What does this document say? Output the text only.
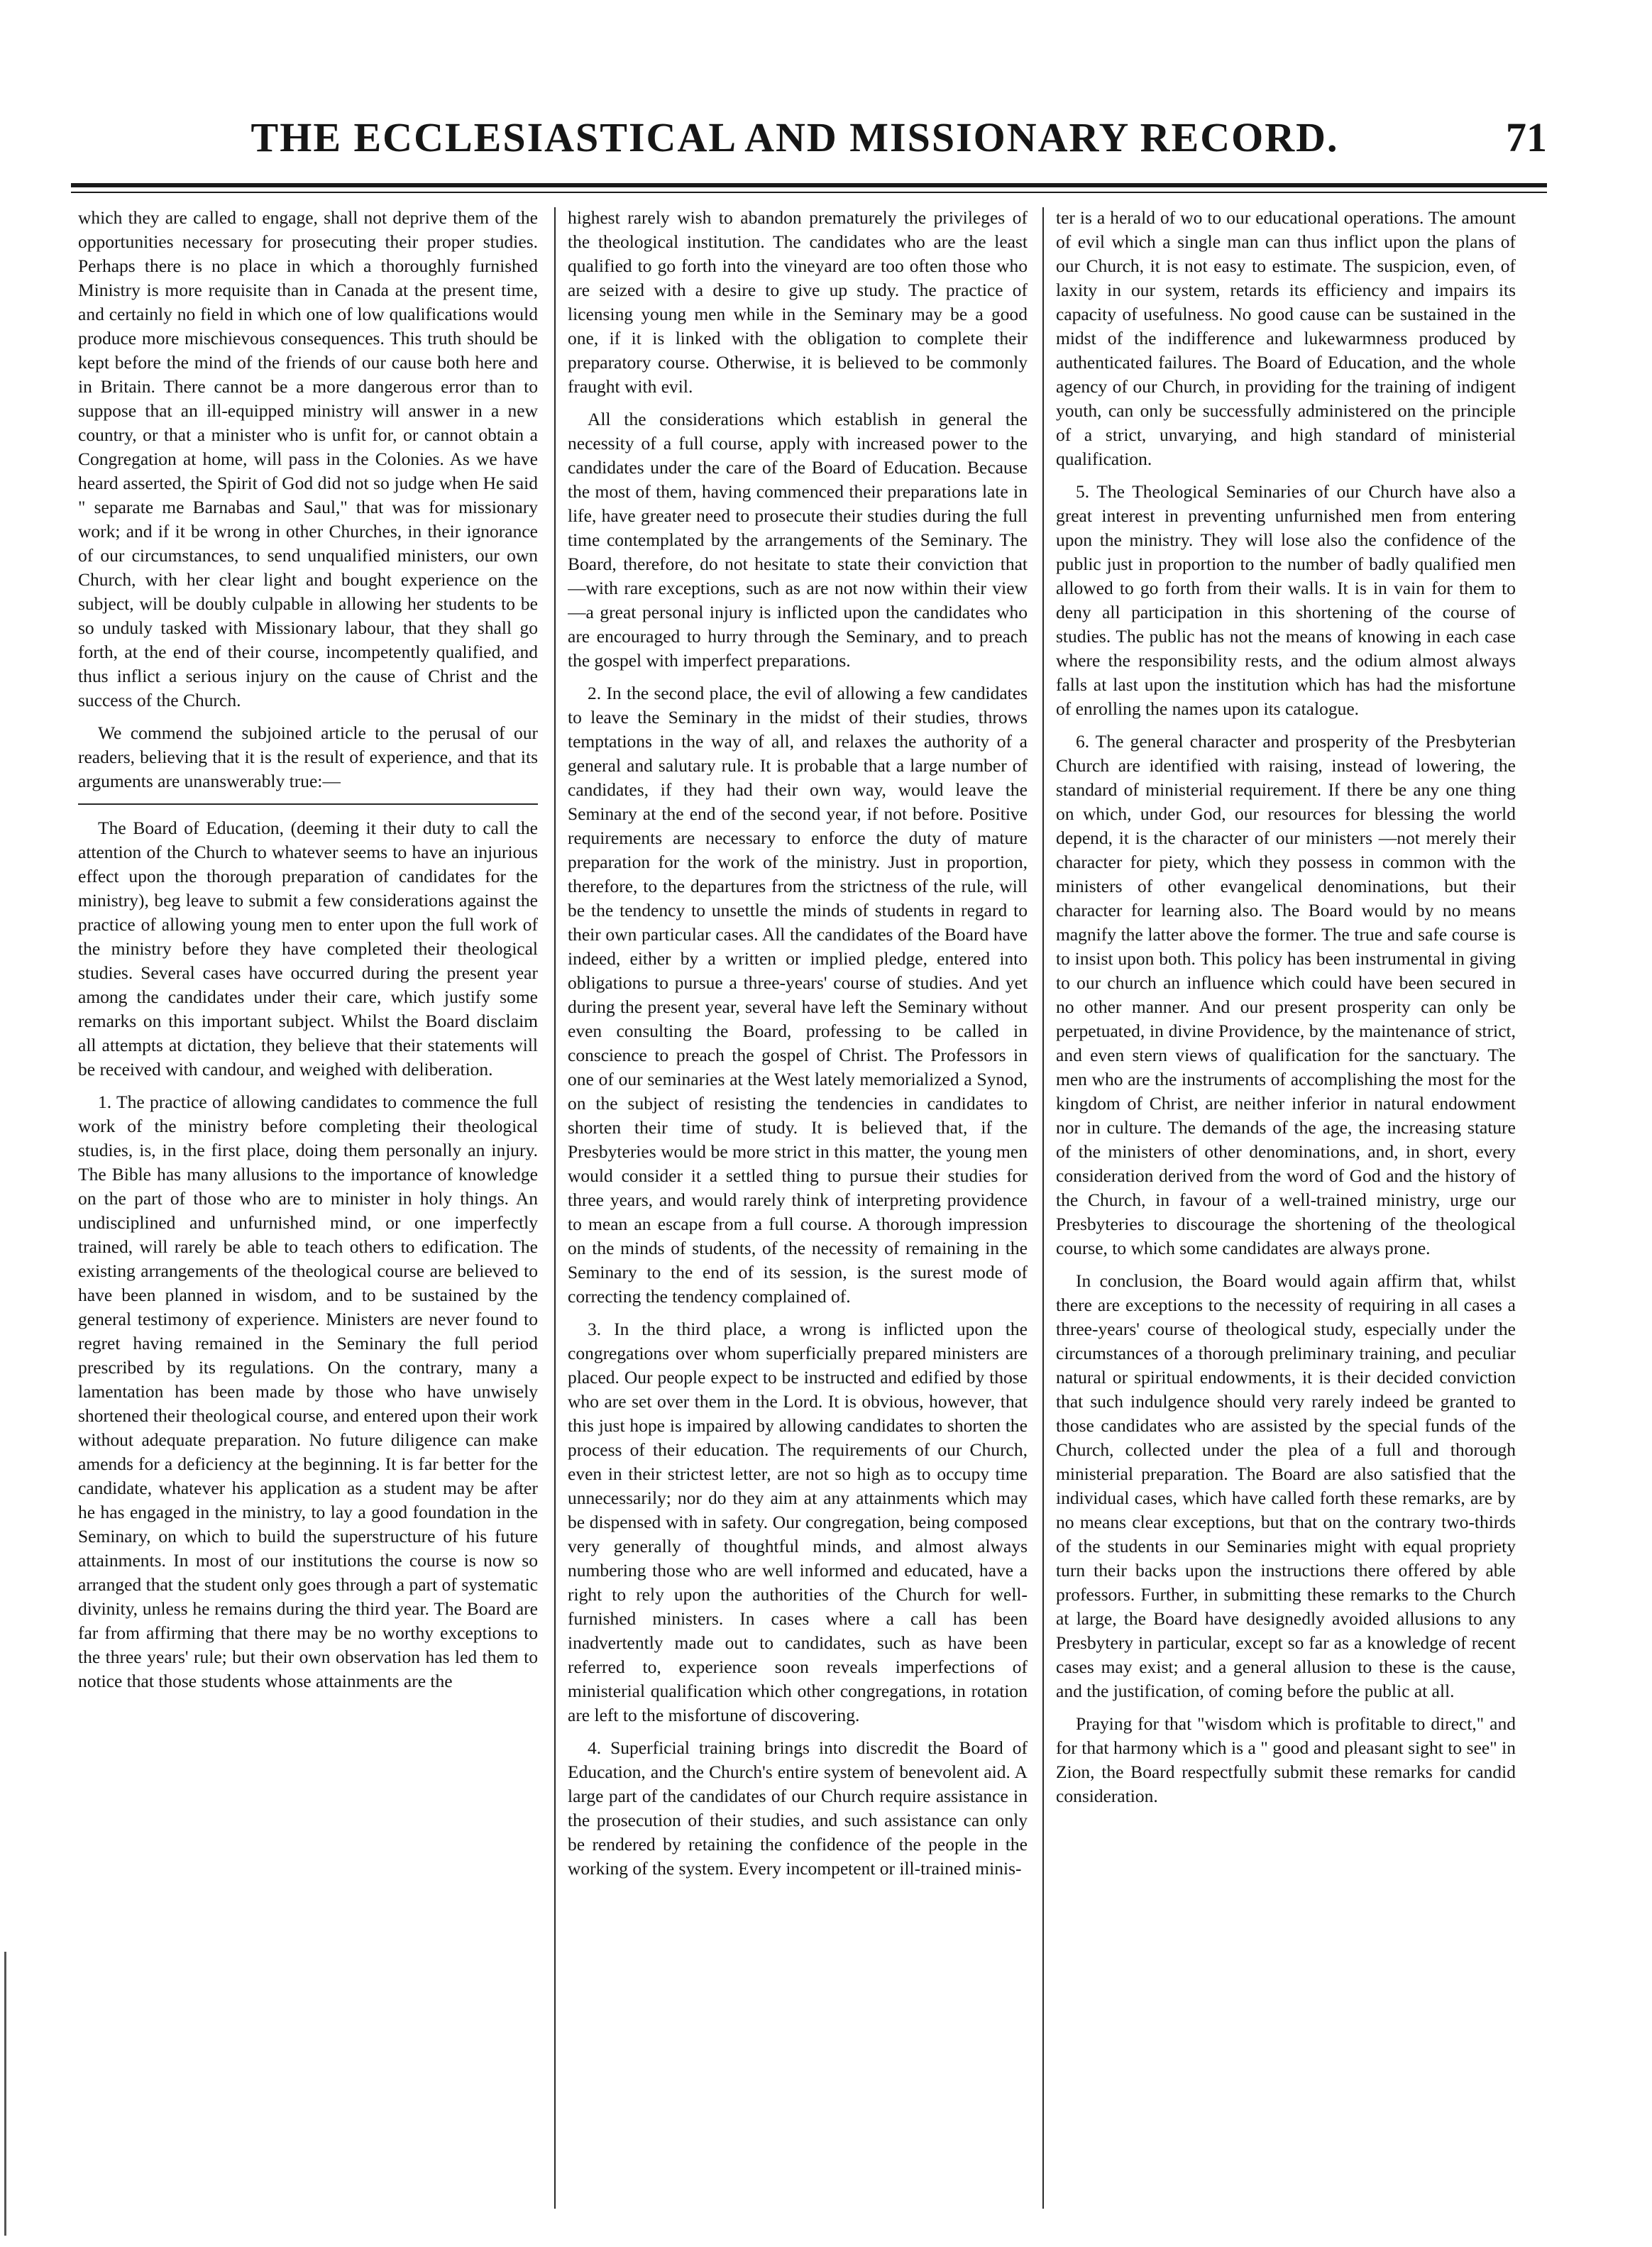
THE ECCLESIASTICAL AND MISSIONARY RECORD.	71

which they are called to engage, shall not deprive them of the opportunities necessary for prosecuting their proper studies. Perhaps there is no place in which a thoroughly furnished Ministry is more requisite than in Canada at the present time, and certainly no field in which one of low qualifications would produce more mischievous consequences. This truth should be kept before the mind of the friends of our cause both here and in Britain. There cannot be a more dangerous error than to suppose that an ill-equipped ministry will answer in a new country, or that a minister who is unfit for, or cannot obtain a Congregation at home, will pass in the Colonies. As we have heard asserted, the Spirit of God did not so judge when He said " separate me Barnabas and Saul," that was for missionary work; and if it be wrong in other Churches, in their ignorance of our circumstances, to send unqualified ministers, our own Church, with her clear light and bought experience on the subject, will be doubly culpable in allowing her students to be so unduly tasked with Missionary labour, that they shall go forth, at the end of their course, incompetently qualified, and thus inflict a serious injury on the cause of Christ and the success of the Church.

We commend the subjoined article to the perusal of our readers, believing that it is the result of experience, and that its arguments are unanswerably true:—

The Board of Education, (deeming it their duty to call the attention of the Church to whatever seems to have an injurious effect upon the thorough preparation of candidates for the ministry), beg leave to submit a few considerations against the practice of allowing young men to enter upon the full work of the ministry before they have completed their theological studies. Several cases have occurred during the present year among the candidates under their care, which justify some remarks on this important subject. Whilst the Board disclaim all attempts at dictation, they believe that their statements will be received with candour, and weighed with deliberation.

1. The practice of allowing candidates to commence the full work of the ministry before completing their theological studies, is, in the first place, doing them personally an injury. The Bible has many allusions to the importance of knowledge on the part of those who are to minister in holy things. An undisciplined and unfurnished mind, or one imperfectly trained, will rarely be able to teach others to edification. The existing arrangements of the theological course are believed to have been planned in wisdom, and to be sustained by the general testimony of experience. Ministers are never found to regret having remained in the Seminary the full period prescribed by its regulations. On the contrary, many a lamentation has been made by those who have unwisely shortened their theological course, and entered upon their work without adequate preparation. No future diligence can make amends for a deficiency at the beginning. It is far better for the candidate, whatever his application as a student may be after he has engaged in the ministry, to lay a good foundation in the Seminary, on which to build the superstructure of his future attainments. In most of our institutions the course is now so arranged that the student only goes through a part of systematic divinity, unless he remains during the third year. The Board are far from affirming that there may be no worthy exceptions to the three years' rule; but their own observation has led them to notice that those students whose attainments are the

highest rarely wish to abandon prematurely the privileges of the theological institution. The candidates who are the least qualified to go forth into the vineyard are too often those who are seized with a desire to give up study. The practice of licensing young men while in the Seminary may be a good one, if it is linked with the obligation to complete their preparatory course. Otherwise, it is believed to be commonly fraught with evil.

All the considerations which establish in general the necessity of a full course, apply with increased power to the candidates under the care of the Board of Education. Because the most of them, having commenced their preparations late in life, have greater need to prosecute their studies during the full time contemplated by the arrangements of the Seminary. The Board, therefore, do not hesitate to state their conviction that —with rare exceptions, such as are not now within their view—a great personal injury is inflicted upon the candidates who are encouraged to hurry through the Seminary, and to preach the gospel with imperfect preparations.

2. In the second place, the evil of allowing a few candidates to leave the Seminary in the midst of their studies, throws temptations in the way of all, and relaxes the authority of a general and salutary rule. It is probable that a large number of candidates, if they had their own way, would leave the Seminary at the end of the second year, if not before. Positive requirements are necessary to enforce the duty of mature preparation for the work of the ministry. Just in proportion, therefore, to the departures from the strictness of the rule, will be the tendency to unsettle the minds of students in regard to their own particular cases. All the candidates of the Board have indeed, either by a written or implied pledge, entered into obligations to pursue a three-years' course of studies. And yet during the present year, several have left the Seminary without even consulting the Board, professing to be called in conscience to preach the gospel of Christ. The Professors in one of our seminaries at the West lately memorialized a Synod, on the subject of resisting the tendencies in candidates to shorten their time of study. It is believed that, if the Presbyteries would be more strict in this matter, the young men would consider it a settled thing to pursue their studies for three years, and would rarely think of interpreting providence to mean an escape from a full course. A thorough impression on the minds of students, of the necessity of remaining in the Seminary to the end of its session, is the surest mode of correcting the tendency complained of.

3. In the third place, a wrong is inflicted upon the congregations over whom superficially prepared ministers are placed. Our people expect to be instructed and edified by those who are set over them in the Lord. It is obvious, however, that this just hope is impaired by allowing candidates to shorten the process of their education. The requirements of our Church, even in their strictest letter, are not so high as to occupy time unnecessarily; nor do they aim at any attainments which may be dispensed with in safety. Our congregation, being composed very generally of thoughtful minds, and almost always numbering those who are well informed and educated, have a right to rely upon the authorities of the Church for well-furnished ministers. In cases where a call has been inadvertently made out to candidates, such as have been referred to, experience soon reveals imperfections of ministerial qualification which other congregations, in rotation are left to the misfortune of discovering.

4. Superficial training brings into discredit the Board of Education, and the Church's entire system of benevolent aid. A large part of the candidates of our Church require assistance in the prosecution of their studies, and such assistance can only be rendered by retaining the confidence of the people in the working of the system. Every incompetent or ill-trained minis-

ter is a herald of wo to our educational operations. The amount of evil which a single man can thus inflict upon the plans of our Church, it is not easy to estimate. The suspicion, even, of laxity in our system, retards its efficiency and impairs its capacity of usefulness. No good cause can be sustained in the midst of the indifference and lukewarmness produced by authenticated failures. The Board of Education, and the whole agency of our Church, in providing for the training of indigent youth, can only be successfully administered on the principle of a strict, unvarying, and high standard of ministerial qualification.

5. The Theological Seminaries of our Church have also a great interest in preventing unfurnished men from entering upon the ministry. They will lose also the confidence of the public just in proportion to the number of badly qualified men allowed to go forth from their walls. It is in vain for them to deny all participation in this shortening of the course of studies. The public has not the means of knowing in each case where the responsibility rests, and the odium almost always falls at last upon the institution which has had the misfortune of enrolling the names upon its catalogue.

6. The general character and prosperity of the Presbyterian Church are identified with raising, instead of lowering, the standard of ministerial requirement. If there be any one thing on which, under God, our resources for blessing the world depend, it is the character of our ministers —not merely their character for piety, which they possess in common with the ministers of other evangelical denominations, but their character for learning also. The Board would by no means magnify the latter above the former. The true and safe course is to insist upon both. This policy has been instrumental in giving to our church an influence which could have been secured in no other manner. And our present prosperity can only be perpetuated, in divine Providence, by the maintenance of strict, and even stern views of qualification for the sanctuary. The men who are the instruments of accomplishing the most for the kingdom of Christ, are neither inferior in natural endowment nor in culture. The demands of the age, the increasing stature of the ministers of other denominations, and, in short, every consideration derived from the word of God and the history of the Church, in favour of a well-trained ministry, urge our Presbyteries to discourage the shortening of the theological course, to which some candidates are always prone.

In conclusion, the Board would again affirm that, whilst there are exceptions to the necessity of requiring in all cases a three-years' course of theological study, especially under the circumstances of a thorough preliminary training, and peculiar natural or spiritual endowments, it is their decided conviction that such indulgence should very rarely indeed be granted to those candidates who are assisted by the special funds of the Church, collected under the plea of a full and thorough ministerial preparation. The Board are also satisfied that the individual cases, which have called forth these remarks, are by no means clear exceptions, but that on the contrary two-thirds of the students in our Seminaries might with equal propriety turn their backs upon the instructions there offered by able professors. Further, in submitting these remarks to the Church at large, the Board have designedly avoided allusions to any Presbytery in particular, except so far as a knowledge of recent cases may exist; and a general allusion to these is the cause, and the justification, of coming before the public at all.

Praying for that "wisdom which is profitable to direct," and for that harmony which is a " good and pleasant sight to see" in Zion, the Board respectfully submit these remarks for candid consideration.
